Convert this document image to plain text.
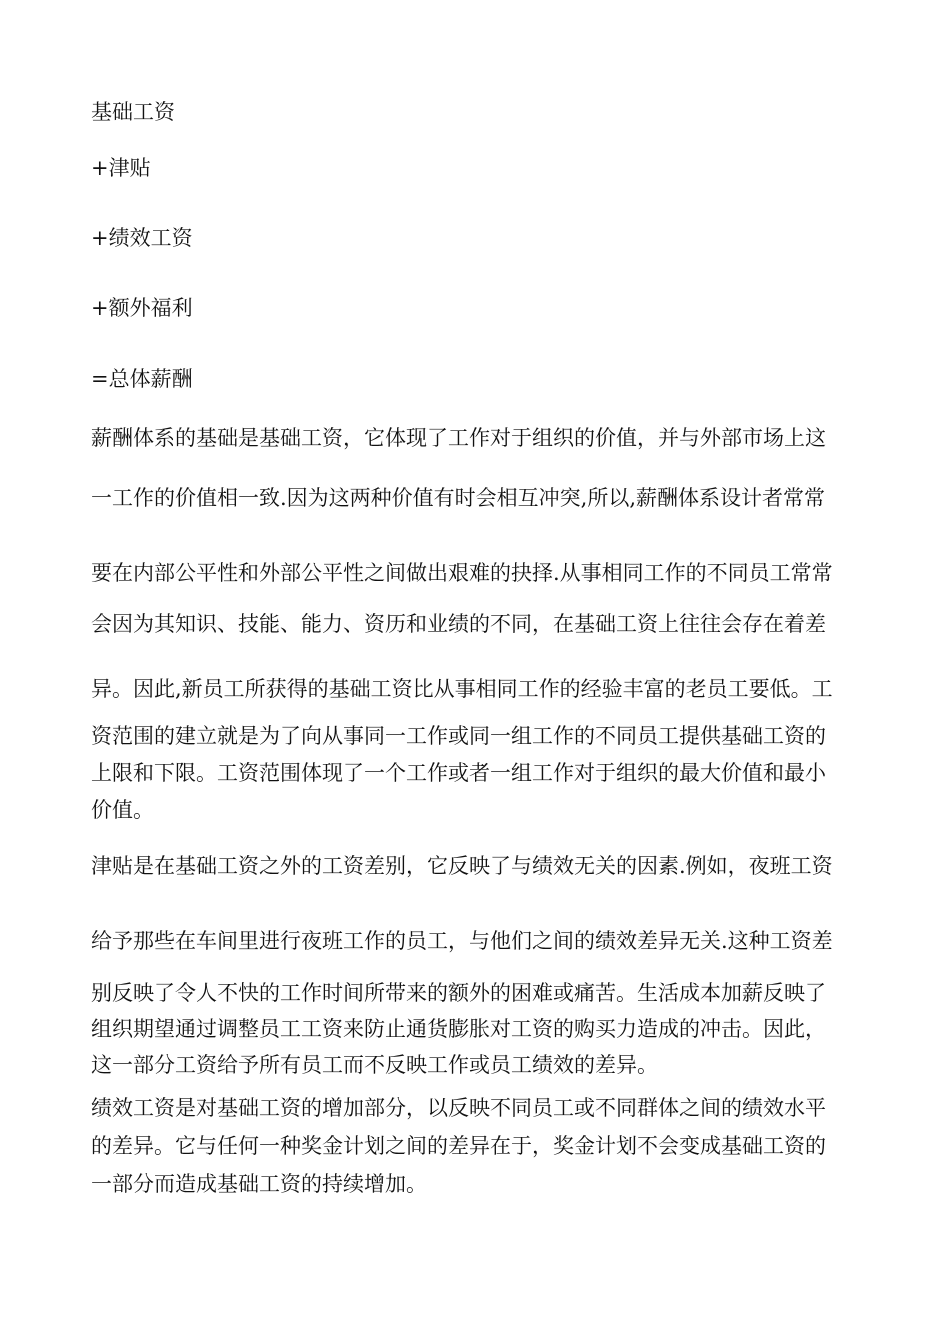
基础工资
+津贴
+绩效工资
+额外福利
=总体薪酬
薪酬体系的基础是基础工资，它体现了工作对于组织的价值，并与外部市场上这
一工作的价值相一致.因为这两种价值有时会相互冲突,所以,薪酬体系设计者常常
要在内部公平性和外部公平性之间做出艰难的抉择.从事相同工作的不同员工常常
会因为其知识、技能、能力、资历和业绩的不同，在基础工资上往往会存在着差
异。因此,新员工所获得的基础工资比从事相同工作的经验丰富的老员工要低。工
资范围的建立就是为了向从事同一工作或同一组工作的不同员工提供基础工资的
上限和下限。工资范围体现了一个工作或者一组工作对于组织的最大价值和最小
价值。
津贴是在基础工资之外的工资差别，它反映了与绩效无关的因素.例如，夜班工资
给予那些在车间里进行夜班工作的员工，与他们之间的绩效差异无关.这种工资差
别反映了令人不快的工作时间所带来的额外的困难或痛苦。生活成本加薪反映了
组织期望通过调整员工工资来防止通货膨胀对工资的购买力造成的冲击。因此，
这一部分工资给予所有员工而不反映工作或员工绩效的差异。
绩效工资是对基础工资的增加部分，以反映不同员工或不同群体之间的绩效水平
的差异。它与任何一种奖金计划之间的差异在于，奖金计划不会变成基础工资的
一部分而造成基础工资的持续增加。
